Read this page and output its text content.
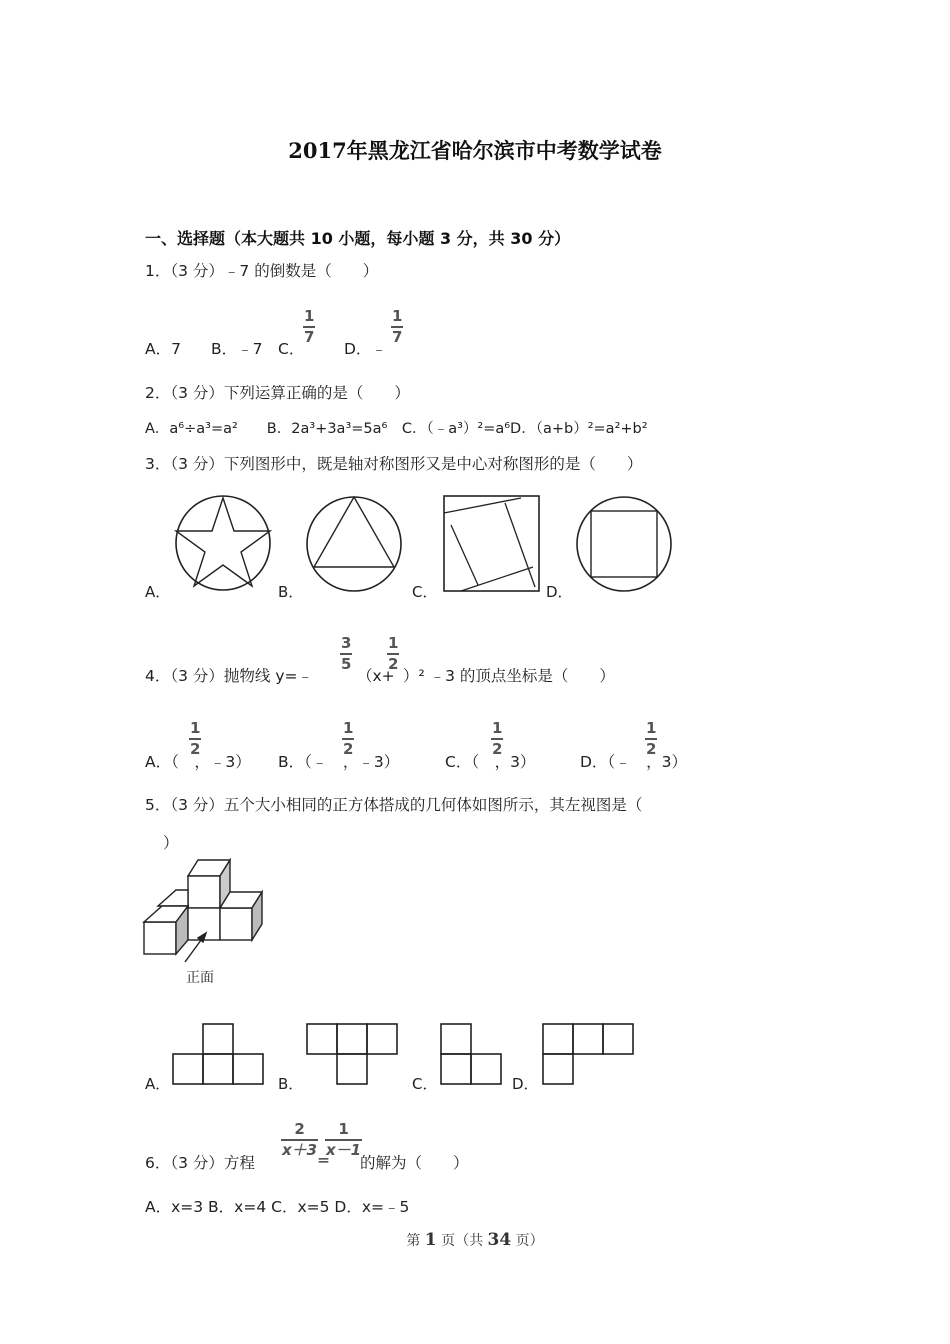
2017年黑龙江省哈尔滨市中考数学试卷
一、选择题（本大题共 10 小题，每小题 3 分，共 30 分）
1．（3 分）﹣7 的倒数是（　　）
A．7 B．﹣7 C．
1
7
D．﹣
1
7
2．（3 分）下列运算正确的是（　　）
A．a⁶÷a³=a²　　B．2a³+3a³=5a⁶　C．（﹣a³）²=a⁶D．（a+b）²=a²+b²
3．（3 分）下列图形中，既是轴对称图形又是中心对称图形的是（　　）
A．	B．	C．	D．
4．（3 分）抛物线 y=﹣
3
5
（x+
1
2
）² ﹣3 的顶点坐标是（　　）
A．（　，﹣3）
1
2
B．（﹣　，﹣3）
1
2
C．（　，3）
1
2
D．（﹣　，3）
1
2
5．（3 分）五个大小相同的正方体搭成的几何体如图所示，其左视图是（
）
正面
A．	B．	C．	D．
6．（3 分）方程
2
x＋3
=
1
x－1
的解为（　　）
A．x=3 B．x=4 C．x=5 D．x=﹣5
第 1 页（共 34 页）
